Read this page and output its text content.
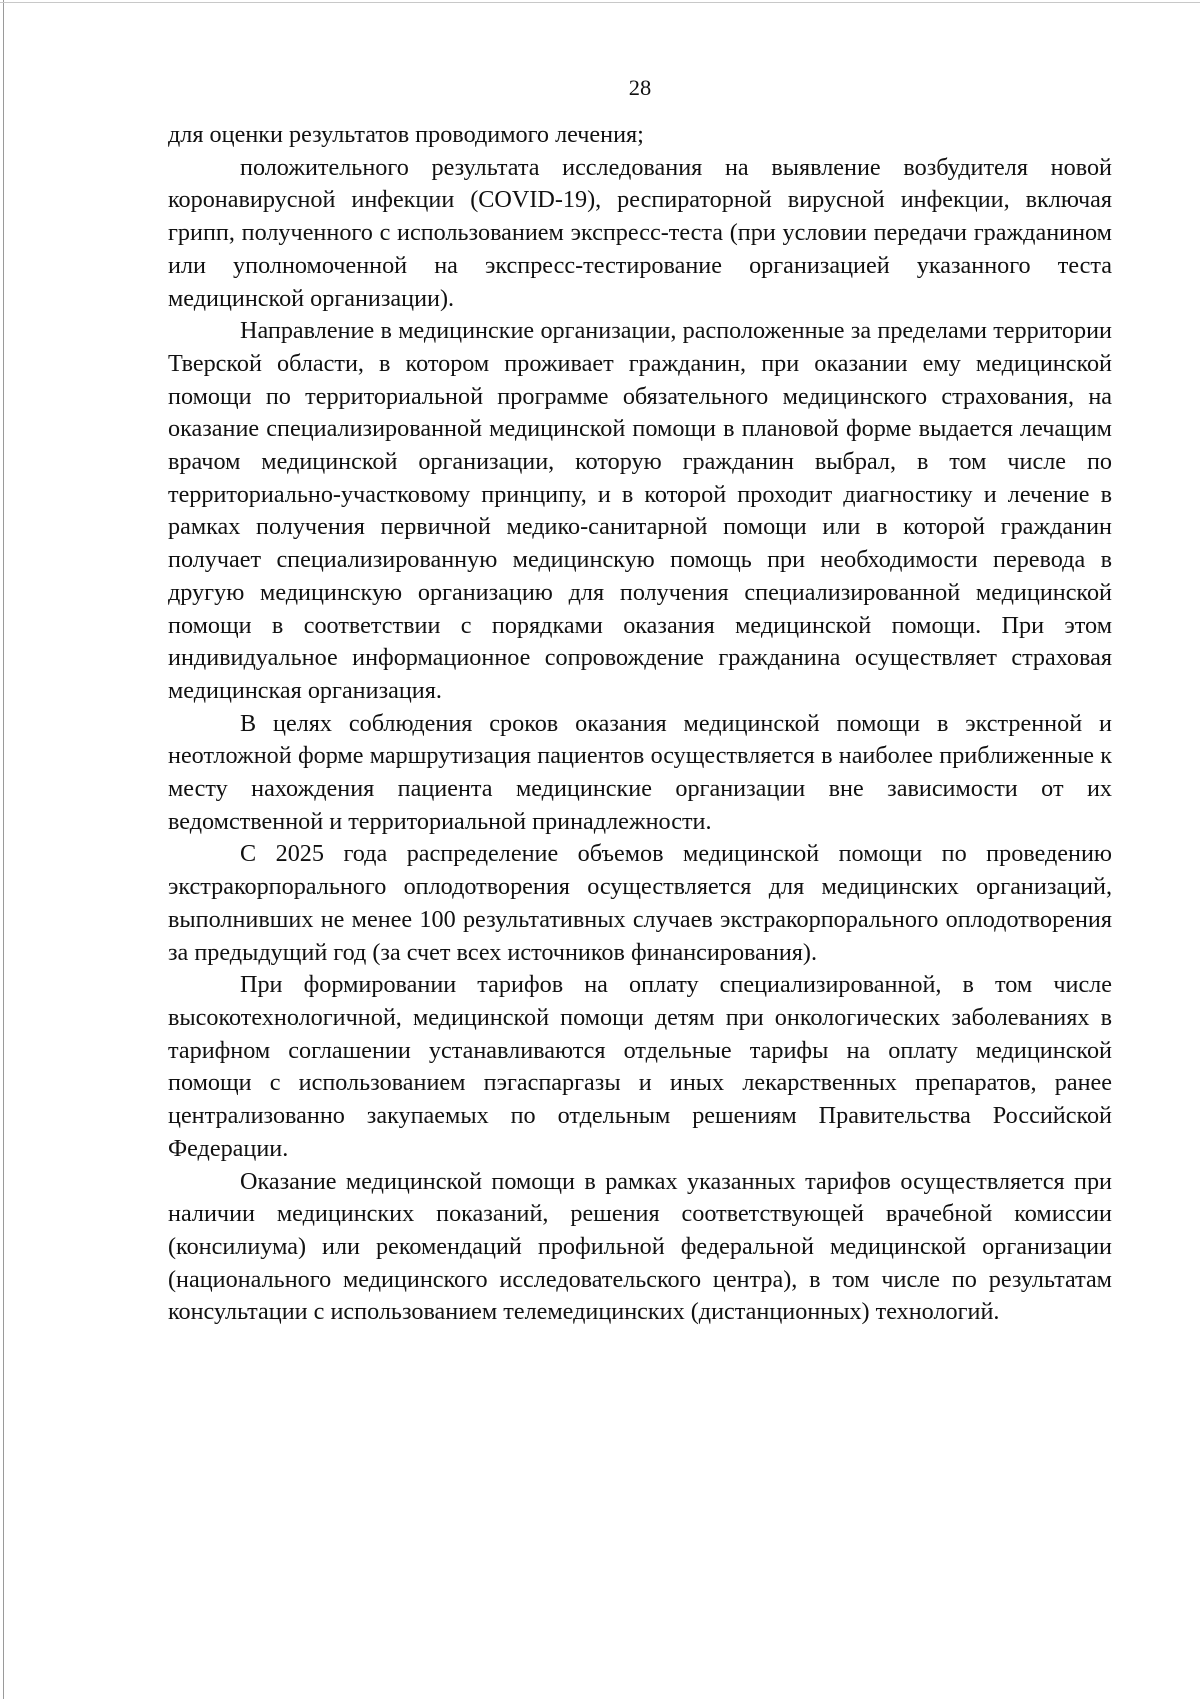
28

для оценки результатов проводимого лечения;

положительного результата исследования на выявление возбудителя новой коронавирусной инфекции (COVID-19), респираторной вирусной инфекции, включая грипп, полученного с использованием экспресс-теста (при условии передачи гражданином или уполномоченной на экспресс-тестирование организацией указанного теста медицинской организации).

Направление в медицинские организации, расположенные за пределами территории Тверской области, в котором проживает гражданин, при оказании ему медицинской помощи по территориальной программе обязательного медицинского страхования, на оказание специализированной медицинской помощи в плановой форме выдается лечащим врачом медицинской организации, которую гражданин выбрал, в том числе по территориально-участковому принципу, и в которой проходит диагностику и лечение в рамках получения первичной медико-санитарной помощи или в которой гражданин получает специализированную медицинскую помощь при необходимости перевода в другую медицинскую организацию для получения специализированной медицинской помощи в соответствии с порядками оказания медицинской помощи. При этом индивидуальное информационное сопровождение гражданина осуществляет страховая медицинская организация.

В целях соблюдения сроков оказания медицинской помощи в экстренной и неотложной форме маршрутизация пациентов осуществляется в наиболее приближенные к месту нахождения пациента медицинские организации вне зависимости от их ведомственной и территориальной принадлежности.

С 2025 года распределение объемов медицинской помощи по проведению экстракорпорального оплодотворения осуществляется для медицинских организаций, выполнивших не менее 100 результативных случаев экстракорпорального оплодотворения за предыдущий год (за счет всех источников финансирования).

При формировании тарифов на оплату специализированной, в том числе высокотехнологичной, медицинской помощи детям при онкологических заболеваниях в тарифном соглашении устанавливаются отдельные тарифы на оплату медицинской помощи с использованием пэгаспаргазы и иных лекарственных препаратов, ранее централизованно закупаемых по отдельным решениям Правительства Российской Федерации.

Оказание медицинской помощи в рамках указанных тарифов осуществляется при наличии медицинских показаний, решения соответствующей врачебной комиссии (консилиума) или рекомендаций профильной федеральной медицинской организации (национального медицинского исследовательского центра), в том числе по результатам консультации с использованием телемедицинских (дистанционных) технологий.
